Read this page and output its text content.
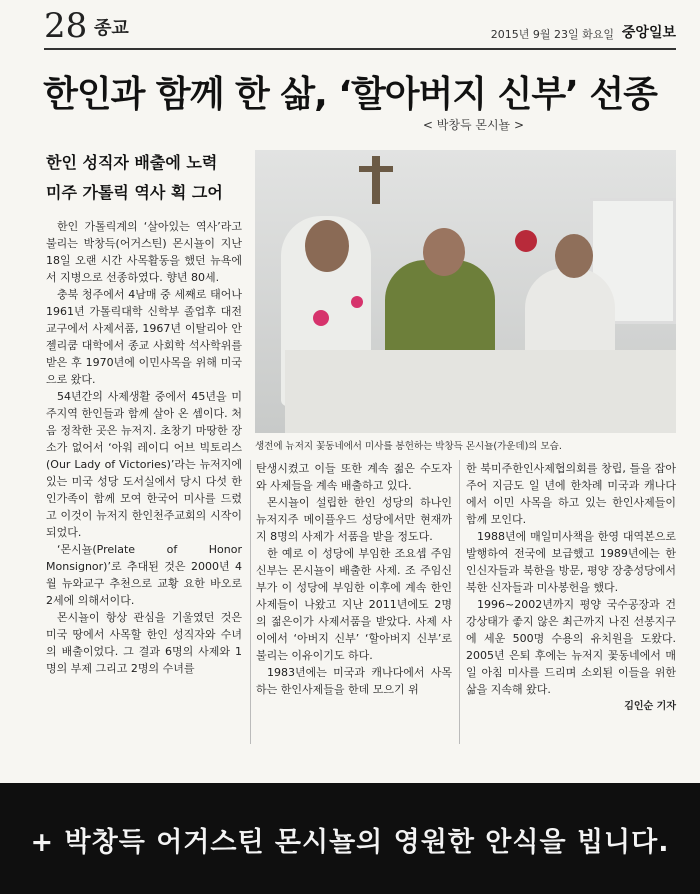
28 종교	2015년 9월 23일 화요일 중앙일보
한인과 함께 한 삶, ‘할아버지 신부’ 선종
< 박창득 몬시뇰 >
한인 성직자 배출에 노력
미주 가톨릭 역사 획 그어
생전에 뉴저지 꽃동네에서 미사를 봉헌하는 박창득 몬시뇰(가운데)의 모습.

한인 가톨릭계의 ‘살아있는 역사’라고 불리는 박창득(어거스틴) 몬시뇰이 지난 18일 오랜 시간 사목활동을 했던 뉴욕에서 지병으로 선종하였다. 향년 80세.

충북 청주에서 4남매 중 세째로 태어나 1961년 가톨릭대학 신학부 졸업후 대전교구에서 사제서품, 1967년 이탈리아 안젤리쿰 대학에서 종교 사회학 석사학위를 받은 후 1970년에 이민사목을 위해 미국으로 왔다.

54년간의 사제생활 중에서 45년을 미주지역 한인들과 함께 살아 온 셈이다. 처음 정착한 곳은 뉴저지. 초창기 마땅한 장소가 없어서 ‘아워 레이디 어브 빅토리스(Our Lady of Victories)’라는 뉴저지에 있는 미국 성당 도서실에서 당시 다섯 한인가족이 함께 모여 한국어 미사를 드렸고 이것이 뉴저지 한인천주교회의 시작이 되었다.

‘몬시뇰(Prelate of Honor Monsignor)’로 추대된 것은 2000년 4월 뉴와교구 추천으로 교황 요한 바오로 2세에 의해서이다.

몬시뇰이 항상 관심을 기울였던 것은 미국 땅에서 사목할 한인 성직자와 수녀의 배출이었다. 그 결과 6명의 사제와 1명의 부제 그리고 2명의 수녀를

탄생시켰고 이들 또한 계속 젊은 수도자와 사제들을 계속 배출하고 있다.

몬시뇰이 설립한 한인 성당의 하나인 뉴저지주 메이플우드 성당에서만 현재까지 8명의 사제가 서품을 받을 정도다.

한 예로 이 성당에 부임한 조요셉 주임신부는 몬시뇰이 배출한 사제. 조 주임신부가 이 성당에 부임한 이후에 계속 한인 사제들이 나왔고 지난 2011년에도 2명의 젊은이가 사제서품을 받았다. 사제 사이에서 ‘아버지 신부’ ‘할아버지 신부’로 불리는 이유이기도 하다.

1983년에는 미국과 캐나다에서 사목 하는 한인사제들을 한데 모으기 위

한 북미주한인사제협의회를 창립, 틀을 잡아 주어 지금도 일 년에 한차례 미국과 캐나다에서 이민 사목을 하고 있는 한인사제들이 함께 모인다.

1988년에 매일미사책을 한영 대역본으로 발행하여 전국에 보급했고 1989년에는 한인신자들과 북한을 방문, 평양 장충성당에서 북한 신자들과 미사봉헌을 했다.

1996~2002년까지 평양 국수공장과 건강상태가 좋지 않은 최근까지 나진 선봉지구에 세운 500명 수용의 유치원을 도왔다. 2005년 은퇴 후에는 뉴저지 꽃동네에서 매일 아침 미사를 드리며 소외된 이들을 위한 삶을 지속해 왔다.

김인순 기자
+ 박창득 어거스틴 몬시뇰의 영원한 안식을 빕니다.
